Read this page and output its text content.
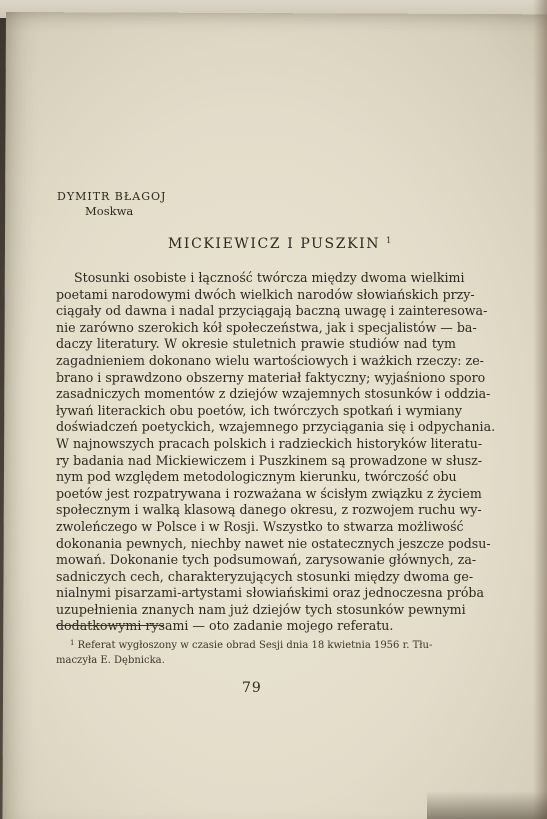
DYMITR BŁAGOJ
Moskwa
MICKIEWICZ I PUSZKIN $^1$
Stosunki osobiste i łączność twórcza między dwoma wielkimi
poetami narodowymi dwóch wielkich narodów słowiańskich przy-
ciągały od dawna i nadal przyciągają baczną uwagę i zainteresowa-
nie zarówno szerokich kół społeczeństwa, jak i specjalistów — ba-
daczy literatury. W okresie stuletnich prawie studiów nad tym
zagadnieniem dokonano wielu wartościowych i ważkich rzeczy: ze-
brano i sprawdzono obszerny materiał faktyczny; wyjaśniono sporo
zasadniczych momentów z dziejów wzajemnych stosunków i oddzia-
ływań literackich obu poetów, ich twórczych spotkań i wymiany
doświadczeń poetyckich, wzajemnego przyciągania się i odpychania.
W najnowszych pracach polskich i radzieckich historyków literatu-
ry badania nad Mickiewiczem i Puszkinem są prowadzone w słusz-
nym pod względem metodologicznym kierunku, twórczość obu
poetów jest rozpatrywana i rozważana w ścisłym związku z życiem
społecznym i walką klasową danego okresu, z rozwojem ruchu wy-
zwoleńczego w Polsce i w Rosji. Wszystko to stwarza możliwość
dokonania pewnych, niechby nawet nie ostatecznych jeszcze podsu-
mowań. Dokonanie tych podsumowań, zarysowanie głównych, za-
sadniczych cech, charakteryzujących stosunki między dwoma ge-
nialnymi pisarzami-artystami słowiańskimi oraz jednoczesna próba
uzupełnienia znanych nam już dziejów tych stosunków pewnymi
dodatkowymi rysami — oto zadanie mojego referatu.
$^1$ Referat wygłoszony w czasie obrad Sesji dnia 18 kwietnia 1956 r. Tłu-
maczyła E. Dębnicka.
79
